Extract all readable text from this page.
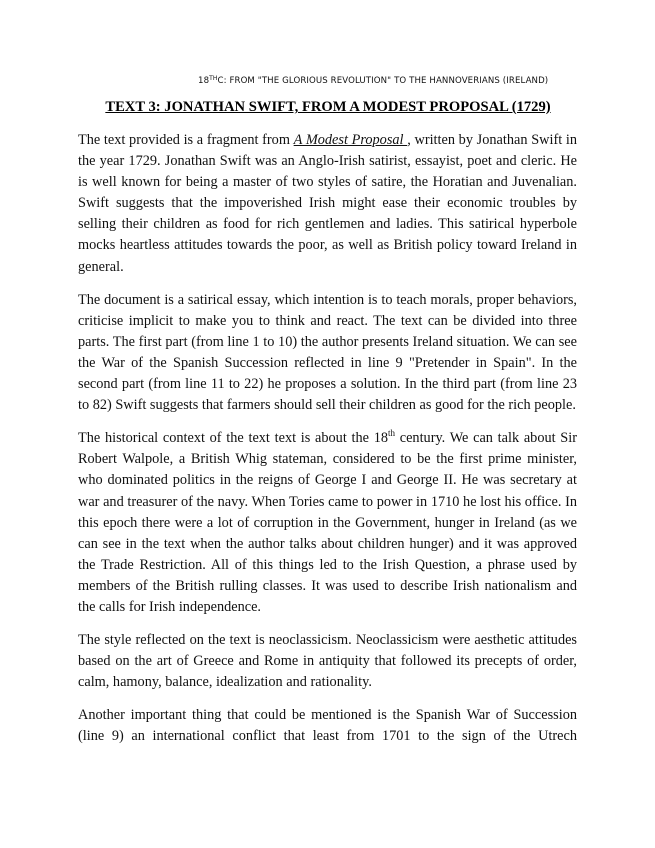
18THC: FROM "THE GLORIOUS REVOLUTION" TO THE HANNOVERIANS (IRELAND)
TEXT 3: JONATHAN SWIFT, FROM A MODEST PROPOSAL (1729)

The text provided is a fragment from A Modest Proposal , written by Jonathan Swift in the year 1729. Jonathan Swift was an Anglo-Irish satirist, essayist, poet and cleric. He is well known for being a master of two styles of satire, the Horatian and Juvenalian. Swift suggests that the impoverished Irish might ease their economic troubles by selling their children as food for rich gentlemen and ladies. This satirical hyperbole mocks heartless attitudes towards the poor, as well as British policy toward Ireland in general.

The document is a satirical essay, which intention is to teach morals, proper behaviors, criticise implicit to make you to think and react. The text can be divided into three parts. The first part (from line 1 to 10) the author presents Ireland situation. We can see the War of the Spanish Succession reflected in line 9 "Pretender in Spain". In the second part (from line 11 to 22) he proposes a solution. In the third part (from line 23 to 82) Swift suggests that farmers should sell their children as good for the rich people.

The historical context of the text text is about the 18th century. We can talk about Sir Robert Walpole, a British Whig stateman, considered to be the first prime minister, who dominated politics in the reigns of George I and George II. He was secretary at war and treasurer of the navy. When Tories came to power in 1710 he lost his office. In this epoch there were a lot of corruption in the Government, hunger in Ireland (as we can see in the text when the author talks about children hunger) and it was approved the Trade Restriction. All of this things led to the Irish Question, a phrase used by members of the British rulling classes. It was used to describe Irish nationalism and the calls for Irish independence.

The style reflected on the text is neoclassicism. Neoclassicism were aesthetic attitudes based on the art of Greece and Rome in antiquity that followed its precepts of order, calm, hamony, balance, idealization and rationality.

Another important thing that could be mentioned is the Spanish War of Succession (line 9) an international conflict that least from 1701 to the sign of the Utrech
